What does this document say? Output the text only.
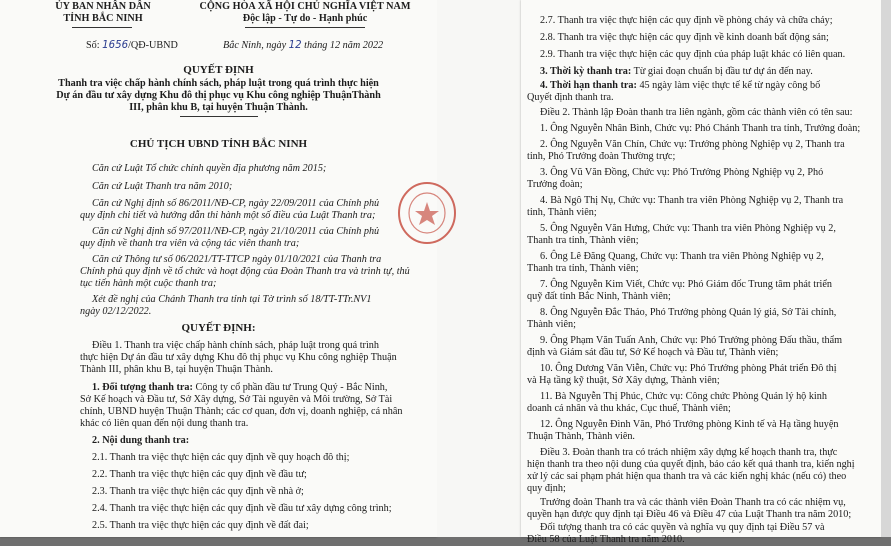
ỦY BAN NHÂN DÂN
TỈNH BẮC NINH
CỘNG HÒA XÃ HỘI CHỦ NGHĨA VIỆT NAM
Độc lập - Tự do - Hạnh phúc
Số: 1656/QĐ-UBND	Bắc Ninh, ngày 12 tháng 12 năm 2022
QUYẾT ĐỊNH
Thanh tra việc chấp hành chính sách, pháp luật trong quá trình thực hiện
Dự án đầu tư xây dựng Khu đô thị phục vụ Khu công nghiệp ThuậnThành
III, phân khu B, tại huyện Thuận Thành.
CHỦ TỊCH UBND TỈNH BẮC NINH
Căn cứ Luật Tổ chức chính quyền địa phương năm 2015;
Căn cứ Luật Thanh tra năm 2010;
Căn cứ Nghị định số 86/2011/NĐ-CP, ngày 22/09/2011 của Chính phủ
quy định chi tiết và hướng dẫn thi hành một số điều của Luật Thanh tra;
Căn cứ Nghị định số 97/2011/NĐ-CP, ngày 21/10/2011 của Chính phủ
quy định về thanh tra viên và cộng tác viên thanh tra;
Căn cứ Thông tư số 06/2021/TT-TTCP ngày 01/10/2021 của Thanh tra
Chính phủ quy định về tổ chức và hoạt động của Đoàn Thanh tra và trình tự, thủ
tục tiến hành một cuộc thanh tra;
Xét đề nghị của Chánh Thanh tra tỉnh tại Tờ trình số 18/TT-TTr.NV1
ngày 02/12/2022.
QUYẾT ĐỊNH:
Điều 1. Thanh tra việc chấp hành chính sách, pháp luật trong quá trình
thực hiện Dự án đầu tư xây dựng Khu đô thị phục vụ Khu công nghiệp Thuận
Thành III, phân khu B, tại huyện Thuận Thành.
1. Đối tượng thanh tra: Công ty cổ phần đầu tư Trung Quý - Bắc Ninh,
Sở Kế hoạch và Đầu tư, Sở Xây dựng, Sở Tài nguyên và Môi trường, Sở Tài
chính, UBND huyện Thuận Thành; các cơ quan, đơn vị, doanh nghiệp, cá nhân
khác có liên quan đến nội dung thanh tra.
2. Nội dung thanh tra:
2.1. Thanh tra việc thực hiện các quy định về quy hoạch đô thị;
2.2. Thanh tra việc thực hiện các quy định về đầu tư;
2.3. Thanh tra việc thực hiện các quy định về nhà ở;
2.4. Thanh tra việc thực hiện các quy định về đầu tư xây dựng công trình;
2.5. Thanh tra việc thực hiện các quy định về đất đai;
2.7. Thanh tra việc thực hiện các quy định về phòng cháy và chữa cháy;
2.8. Thanh tra việc thực hiện các quy định về kinh doanh bất động sản;
2.9. Thanh tra việc thực hiện các quy định của pháp luật khác có liên quan.
3. Thời kỳ thanh tra: Từ giai đoạn chuẩn bị đầu tư dự án đến nay.
4. Thời hạn thanh tra: 45 ngày làm việc thực tế kể từ ngày công bố
Quyết định thanh tra.
Điều 2. Thành lập Đoàn thanh tra liên ngành, gồm các thành viên có tên sau:
1. Ông Nguyễn Nhân Bình, Chức vụ: Phó Chánh Thanh tra tỉnh, Trưởng đoàn;
2. Ông Nguyễn Văn Chín, Chức vụ: Trưởng phòng Nghiệp vụ 2, Thanh tra
tỉnh, Phó Trưởng đoàn Thường trực;
3. Ông Vũ Văn Đồng, Chức vụ: Phó Trưởng Phòng Nghiệp vụ 2, Phó
Trưởng đoàn;
4. Bà Ngô Thị Nụ, Chức vụ: Thanh tra viên Phòng Nghiệp vụ 2, Thanh tra
tỉnh, Thành viên;
5. Ông Nguyễn Văn Hưng, Chức vụ: Thanh tra viên Phòng Nghiệp vụ 2,
Thanh tra tỉnh, Thành viên;
6. Ông Lê Đăng Quang, Chức vụ: Thanh tra viên Phòng Nghiệp vụ 2,
Thanh tra tỉnh, Thành viên;
7. Ông Nguyễn Kim Viết, Chức vụ: Phó Giám đốc Trung tâm phát triển
quỹ đất tỉnh Bắc Ninh, Thành viên;
8. Ông Nguyễn Đắc Thảo, Phó Trưởng phòng Quản lý giá, Sở Tài chính,
Thành viên;
9. Ông Phạm Văn Tuấn Anh, Chức vụ: Phó Trưởng phòng Đấu thầu, thẩm
định và Giám sát đầu tư, Sở Kế hoạch và Đầu tư, Thành viên;
10. Ông Dương Văn Viễn, Chức vụ: Phó Trưởng phòng Phát triển Đô thị
và Hạ tầng kỹ thuật, Sở Xây dựng, Thành viên;
11. Bà Nguyễn Thị Phúc, Chức vụ: Công chức Phòng Quản lý hộ kinh
doanh cá nhân và thu khác, Cục thuế, Thành viên;
12. Ông Nguyễn Đình Văn, Phó Trưởng phòng Kinh tế và Hạ tầng huyện
Thuận Thành, Thành viên.
Điều 3. Đoàn thanh tra có trách nhiệm xây dựng kế hoạch thanh tra, thực
hiện thanh tra theo nội dung của quyết định, báo cáo kết quả thanh tra, kiến nghị
xử lý các sai phạm phát hiện qua thanh tra và các kiến nghị khác (nếu có) theo
quy định;
Trưởng đoàn Thanh tra và các thành viên Đoàn Thanh tra có các nhiệm vụ,
quyền hạn được quy định tại Điều 46 và Điều 47 của Luật Thanh tra năm 2010;
Đối tượng thanh tra có các quyền và nghĩa vụ quy định tại Điều 57 và
Điều 58 của Luật Thanh tra năm 2010.
